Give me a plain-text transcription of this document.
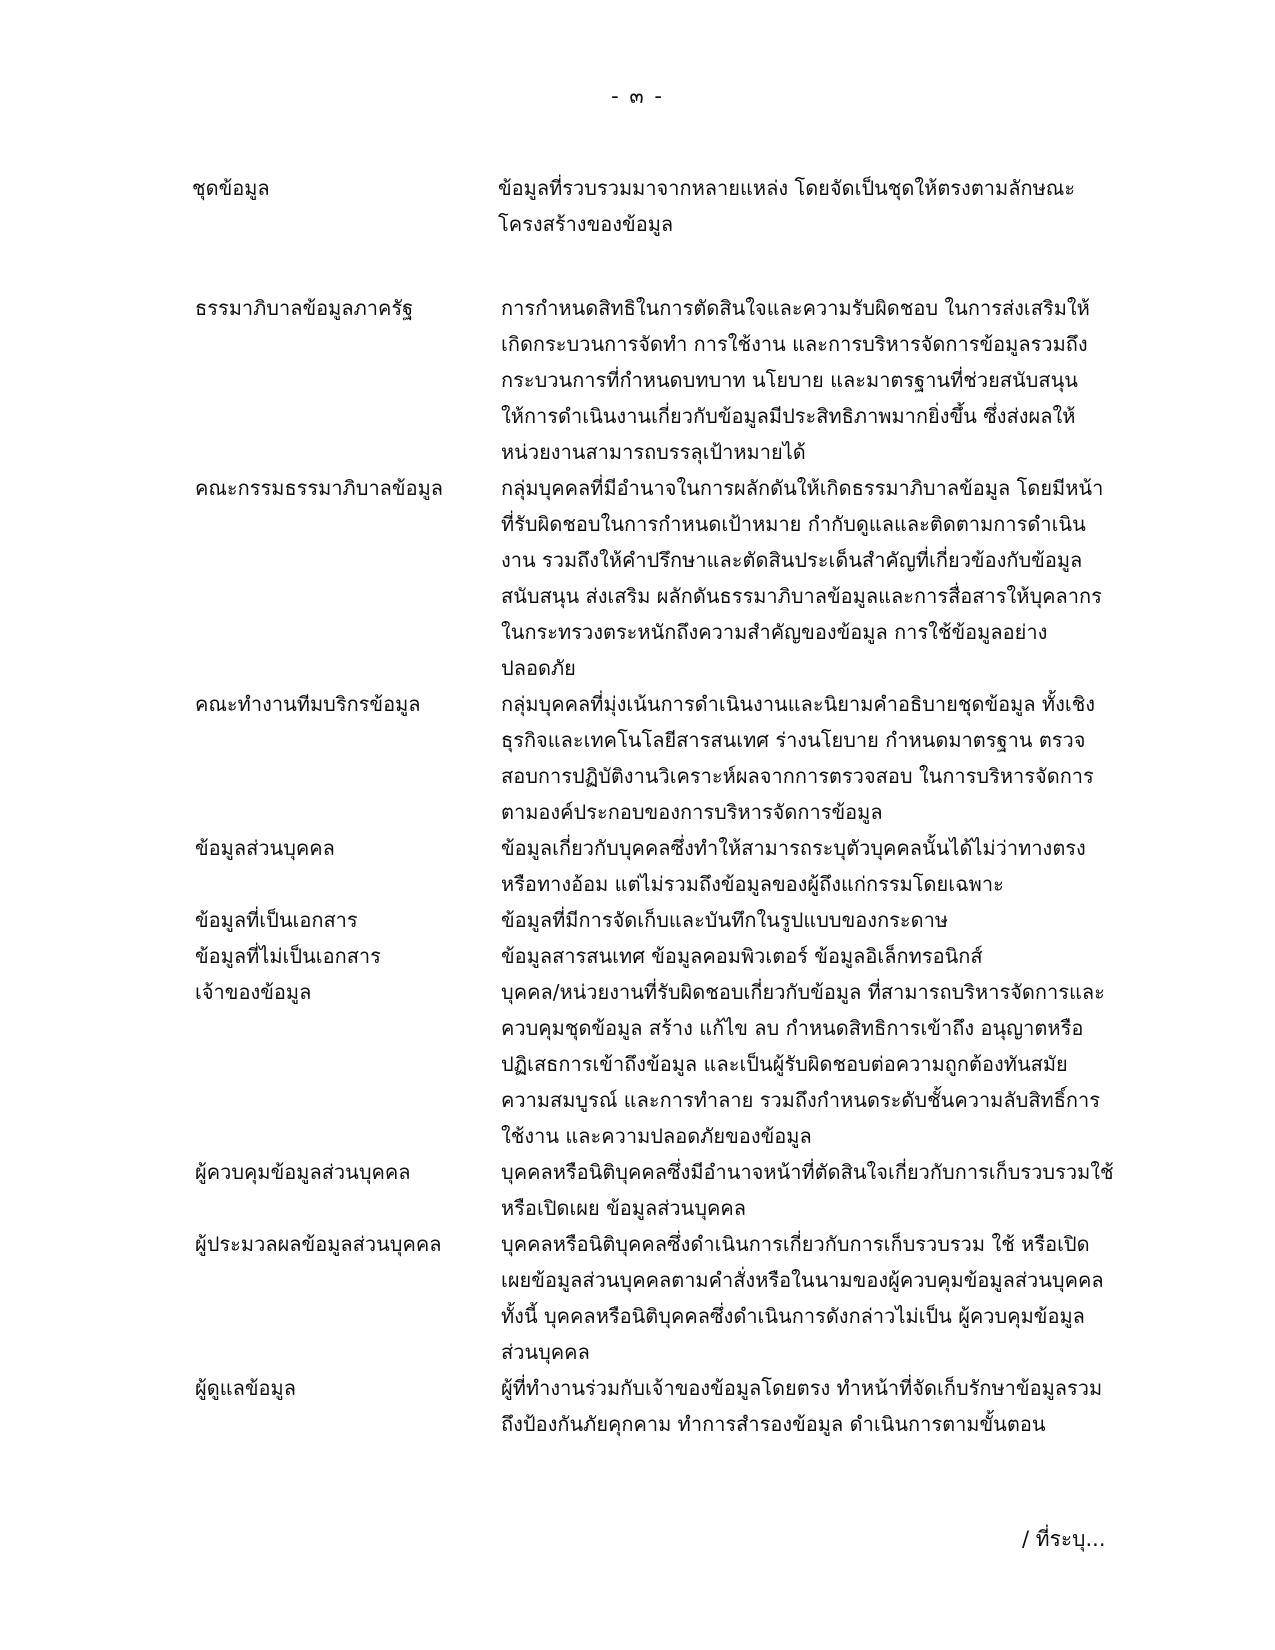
- ๓ -
ชุดข้อมูล	ข้อมูลที่รวบรวมมาจากหลายแหล่ง โดยจัดเป็นชุดให้ตรงตามลักษณะโครงสร้างของข้อมูล
ธรรมาภิบาลข้อมูลภาครัฐ	การกำหนดสิทธิในการตัดสินใจและความรับผิดชอบ ในการส่งเสริมให้เกิดกระบวนการจัดทำ การใช้งาน และการบริหารจัดการข้อมูลรวมถึงกระบวนการที่กำหนดบทบาท นโยบาย และมาตรฐานที่ช่วยสนับสนุนให้การดำเนินงานเกี่ยวกับข้อมูลมีประสิทธิภาพมากยิ่งขึ้น ซึ่งส่งผลให้หน่วยงานสามารถบรรลุเป้าหมายได้
คณะกรรมธรรมาภิบาลข้อมูล	กลุ่มบุคคลที่มีอำนาจในการผลักดันให้เกิดธรรมาภิบาลข้อมูล โดยมีหน้าที่รับผิดชอบในการกำหนดเป้าหมาย กำกับดูแลและติดตามการดำเนินงาน รวมถึงให้คำปรึกษาและตัดสินประเด็นสำคัญที่เกี่ยวข้องกับข้อมูล สนับสนุน ส่งเสริม ผลักดันธรรมาภิบาลข้อมูลและการสื่อสารให้บุคลากรในกระทรวงตระหนักถึงความสำคัญของข้อมูล การใช้ข้อมูลอย่างปลอดภัย
คณะทำงานทีมบริกรข้อมูล	กลุ่มบุคคลที่มุ่งเน้นการดำเนินงานและนิยามคำอธิบายชุดข้อมูล ทั้งเชิงธุรกิจและเทคโนโลยีสารสนเทศ ร่างนโยบาย กำหนดมาตรฐาน ตรวจสอบการปฏิบัติงานวิเคราะห์ผลจากการตรวจสอบ ในการบริหารจัดการตามองค์ประกอบของการบริหารจัดการข้อมูล
ข้อมูลส่วนบุคคล	ข้อมูลเกี่ยวกับบุคคลซึ่งทำให้สามารถระบุตัวบุคคลนั้นได้ไม่ว่าทางตรงหรือทางอ้อม แต่ไม่รวมถึงข้อมูลของผู้ถึงแก่กรรมโดยเฉพาะ
ข้อมูลที่เป็นเอกสาร	ข้อมูลที่มีการจัดเก็บและบันทึกในรูปแบบของกระดาษ
ข้อมูลที่ไม่เป็นเอกสาร	ข้อมูลสารสนเทศ ข้อมูลคอมพิวเตอร์ ข้อมูลอิเล็กทรอนิกส์
เจ้าของข้อมูล	บุคคล/หน่วยงานที่รับผิดชอบเกี่ยวกับข้อมูล ที่สามารถบริหารจัดการและควบคุมชุดข้อมูล สร้าง แก้ไข ลบ กำหนดสิทธิการเข้าถึง อนุญาตหรือปฏิเสธการเข้าถึงข้อมูล และเป็นผู้รับผิดชอบต่อความถูกต้องทันสมัย ความสมบูรณ์ และการทำลาย รวมถึงกำหนดระดับชั้นความลับสิทธิ์การใช้งาน และความปลอดภัยของข้อมูล
ผู้ควบคุมข้อมูลส่วนบุคคล	บุคคลหรือนิติบุคคลซึ่งมีอำนาจหน้าที่ตัดสินใจเกี่ยวกับการเก็บรวบรวมใช้ หรือเปิดเผย ข้อมูลส่วนบุคคล
ผู้ประมวลผลข้อมูลส่วนบุคคล	บุคคลหรือนิติบุคคลซึ่งดำเนินการเกี่ยวกับการเก็บรวบรวม ใช้ หรือเปิดเผยข้อมูลส่วนบุคคลตามคำสั่งหรือในนามของผู้ควบคุมข้อมูลส่วนบุคคล ทั้งนี้ บุคคลหรือนิติบุคคลซึ่งดำเนินการดังกล่าวไม่เป็น ผู้ควบคุมข้อมูลส่วนบุคคล
ผู้ดูแลข้อมูล	ผู้ที่ทำงานร่วมกับเจ้าของข้อมูลโดยตรง ทำหน้าที่จัดเก็บรักษาข้อมูลรวมถึงป้องกันภัยคุกคาม ทำการสำรองข้อมูล ดำเนินการตามขั้นตอน
/ ที่ระบุ...
